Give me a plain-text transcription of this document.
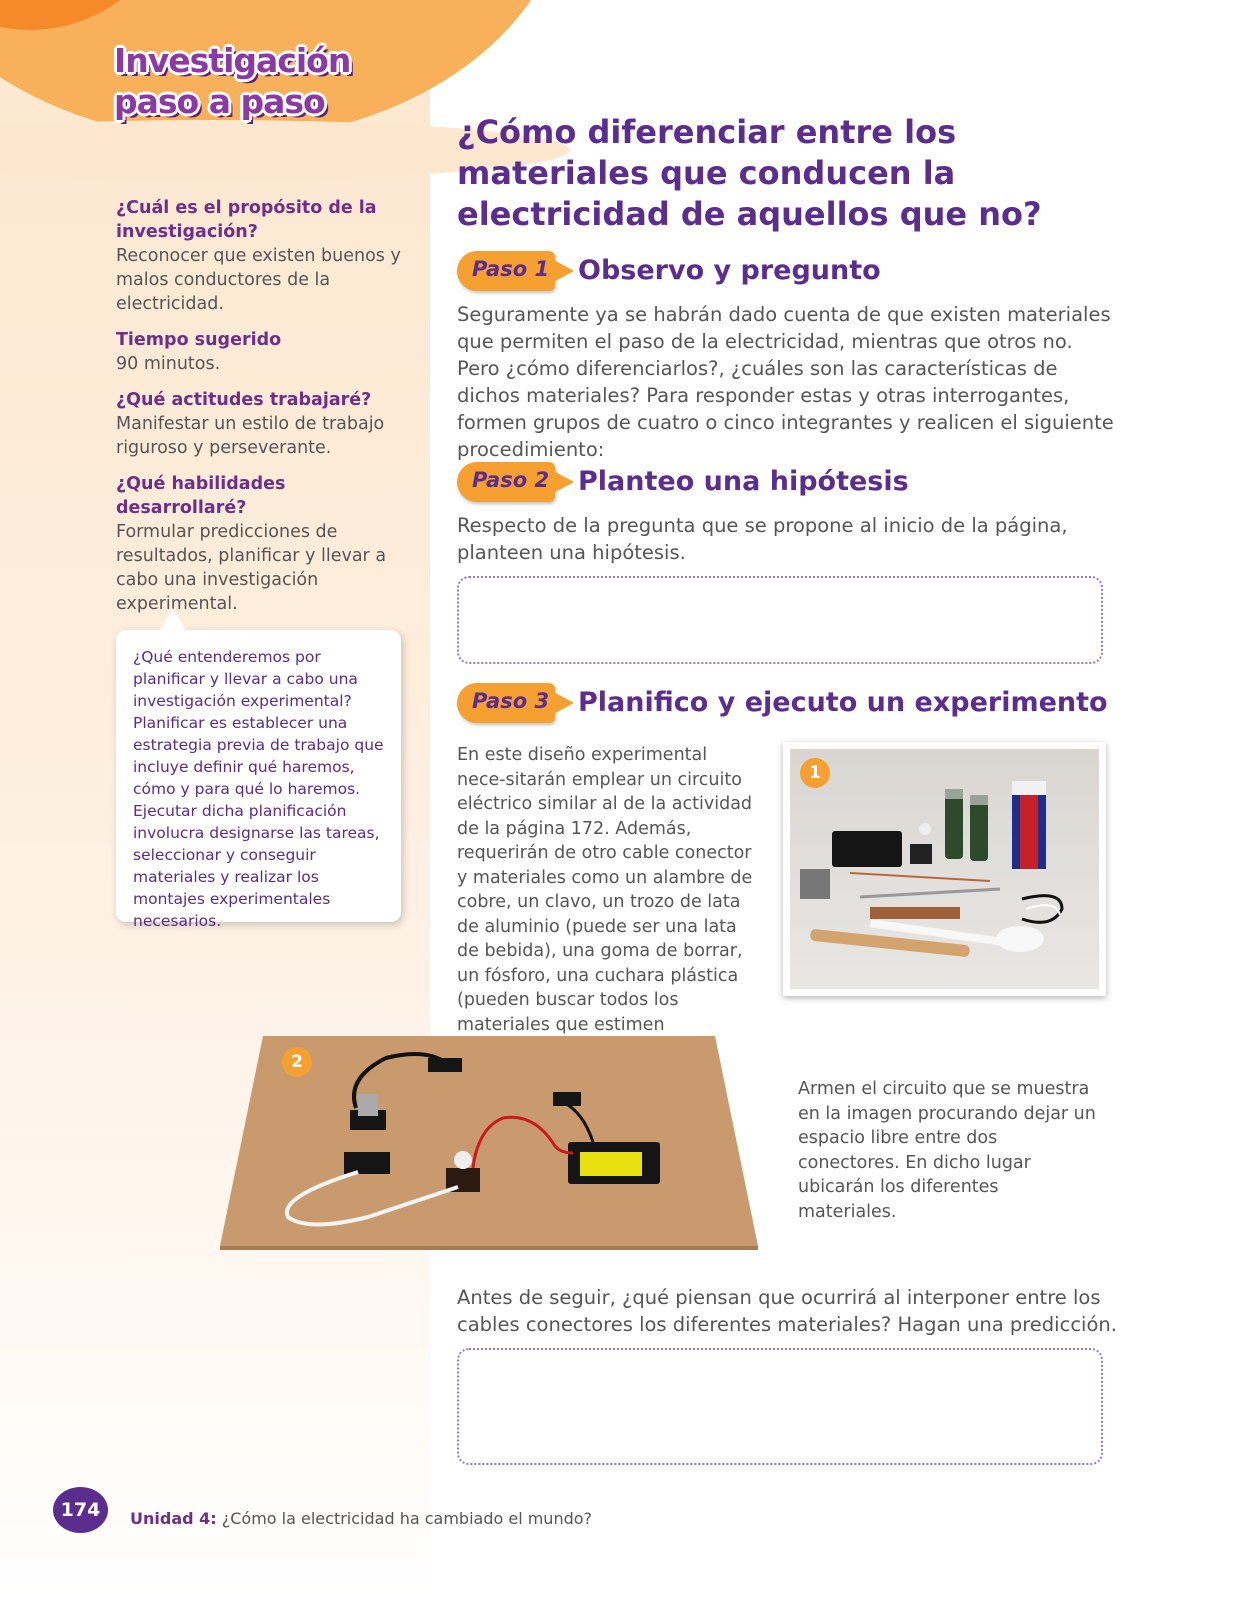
Investigación
paso a paso
¿Cuál es el propósito de la investigación?
Reconocer que existen buenos y malos conductores de la electricidad.
Tiempo sugerido
90 minutos.
¿Qué actitudes trabajaré?
Manifestar un estilo de trabajo riguroso y perseverante.
¿Qué habilidades desarrollaré?
Formular predicciones de resultados, planificar y llevar a cabo una investigación experimental.
¿Qué entenderemos por planificar y llevar a cabo una investigación experimental? Planificar es establecer una estrategia previa de trabajo que incluye definir qué haremos, cómo y para qué lo haremos. Ejecutar dicha planificación involucra designarse las tareas, seleccionar y conseguir materiales y realizar los montajes experimentales necesarios.
¿Cómo diferenciar entre los materiales que conducen la electricidad de aquellos que no?
Paso 1 Observo y pregunto
Seguramente ya se habrán dado cuenta de que existen materiales que permiten el paso de la electricidad, mientras que otros no. Pero ¿cómo diferenciarlos?, ¿cuáles son las características de dichos materiales? Para responder estas y otras interrogantes, formen grupos de cuatro o cinco integrantes y realicen el siguiente procedimiento:
Paso 2 Planteo una hipótesis
Respecto de la pregunta que se propone al inicio de la página, planteen una hipótesis.
Paso 3 Planifico y ejecuto un experimento
En este diseño experimental nece-sitarán emplear un circuito eléctrico similar al de la actividad de la página 172. Además, requerirán de otro cable conector y materiales como un alambre de cobre, un clavo, un trozo de lata de aluminio (puede ser una lata de bebida), una goma de borrar, un fósforo, una cuchara plástica (pueden buscar todos los materiales que estimen
1
2
Armen el circuito que se muestra en la imagen procurando dejar un espacio libre entre dos conectores. En dicho lugar ubicarán los diferentes materiales.
Antes de seguir, ¿qué piensan que ocurrirá al interponer entre los cables conectores los diferentes materiales? Hagan una predicción.
174	Unidad 4: ¿Cómo la electricidad ha cambiado el mundo?
